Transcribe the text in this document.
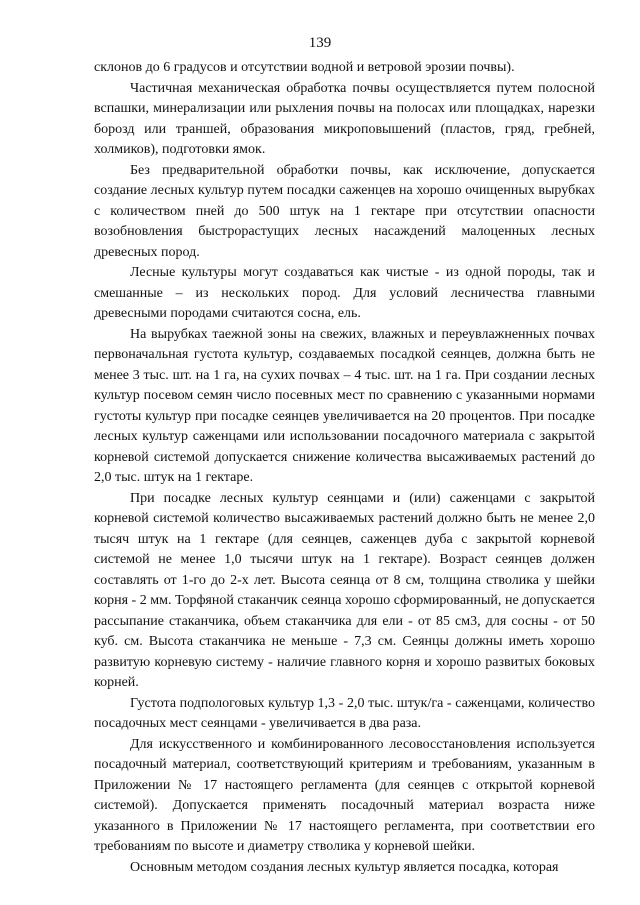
139

склонов до 6 градусов и отсутствии водной и ветровой эрозии почвы).

Частичная механическая обработка почвы осуществляется путем полосной вспашки, минерализации или рыхления почвы на полосах или площадках, нарезки борозд или траншей, образования микроповышений (пластов, гряд, гребней, холмиков), подготовки ямок.

Без предварительной обработки почвы, как исключение, допускается создание лесных культур путем посадки саженцев на хорошо очищенных вырубках с количеством пней до 500 штук на 1 гектаре при отсутствии опасности возобновления быстрорастущих лесных насаждений малоценных лесных древесных пород.

Лесные культуры могут создаваться как чистые - из одной породы, так и смешанные – из нескольких пород. Для условий лесничества главными древесными породами считаются сосна, ель.

На вырубках таежной зоны на свежих, влажных и переувлажненных почвах первоначальная густота культур, создаваемых посадкой сеянцев, должна быть не менее 3 тыс. шт. на 1 га, на сухих почвах – 4 тыс. шт. на 1 га. При создании лесных культур посевом семян число посевных мест по сравнению с указанными нормами густоты культур при посадке сеянцев увеличивается на 20 процентов. При посадке лесных культур саженцами или использовании посадочного материала с закрытой корневой системой допускается снижение количества высаживаемых растений до 2,0 тыс. штук на 1 гектаре.

При посадке лесных культур сеянцами и (или) саженцами с закрытой корневой системой количество высаживаемых растений должно быть не менее 2,0 тысяч штук на 1 гектаре (для сеянцев, саженцев дуба с закрытой корневой системой не менее 1,0 тысячи штук на 1 гектаре). Возраст сеянцев должен составлять от 1-го до 2-х лет. Высота сеянца от 8 см, толщина стволика у шейки корня - 2 мм. Торфяной стаканчик сеянца хорошо сформированный, не допускается рассыпание стаканчика, объем стаканчика для ели - от 85 см3, для сосны - от 50 куб. см. Высота стаканчика не меньше - 7,3 см. Сеянцы должны иметь хорошо развитую корневую систему - наличие главного корня и хорошо развитых боковых корней.

Густота подпологовых культур 1,3 - 2,0 тыс. штук/га - саженцами, количество посадочных мест сеянцами - увеличивается в два раза.

Для искусственного и комбинированного лесовосстановления используется посадочный материал, соответствующий критериям и требованиям, указанным в Приложении № 17 настоящего регламента (для сеянцев с открытой корневой системой). Допускается применять посадочный материал возраста ниже указанного в Приложении № 17 настоящего регламента, при соответствии его требованиям по высоте и диаметру стволика у корневой шейки.

Основным методом создания лесных культур является посадка, которая
